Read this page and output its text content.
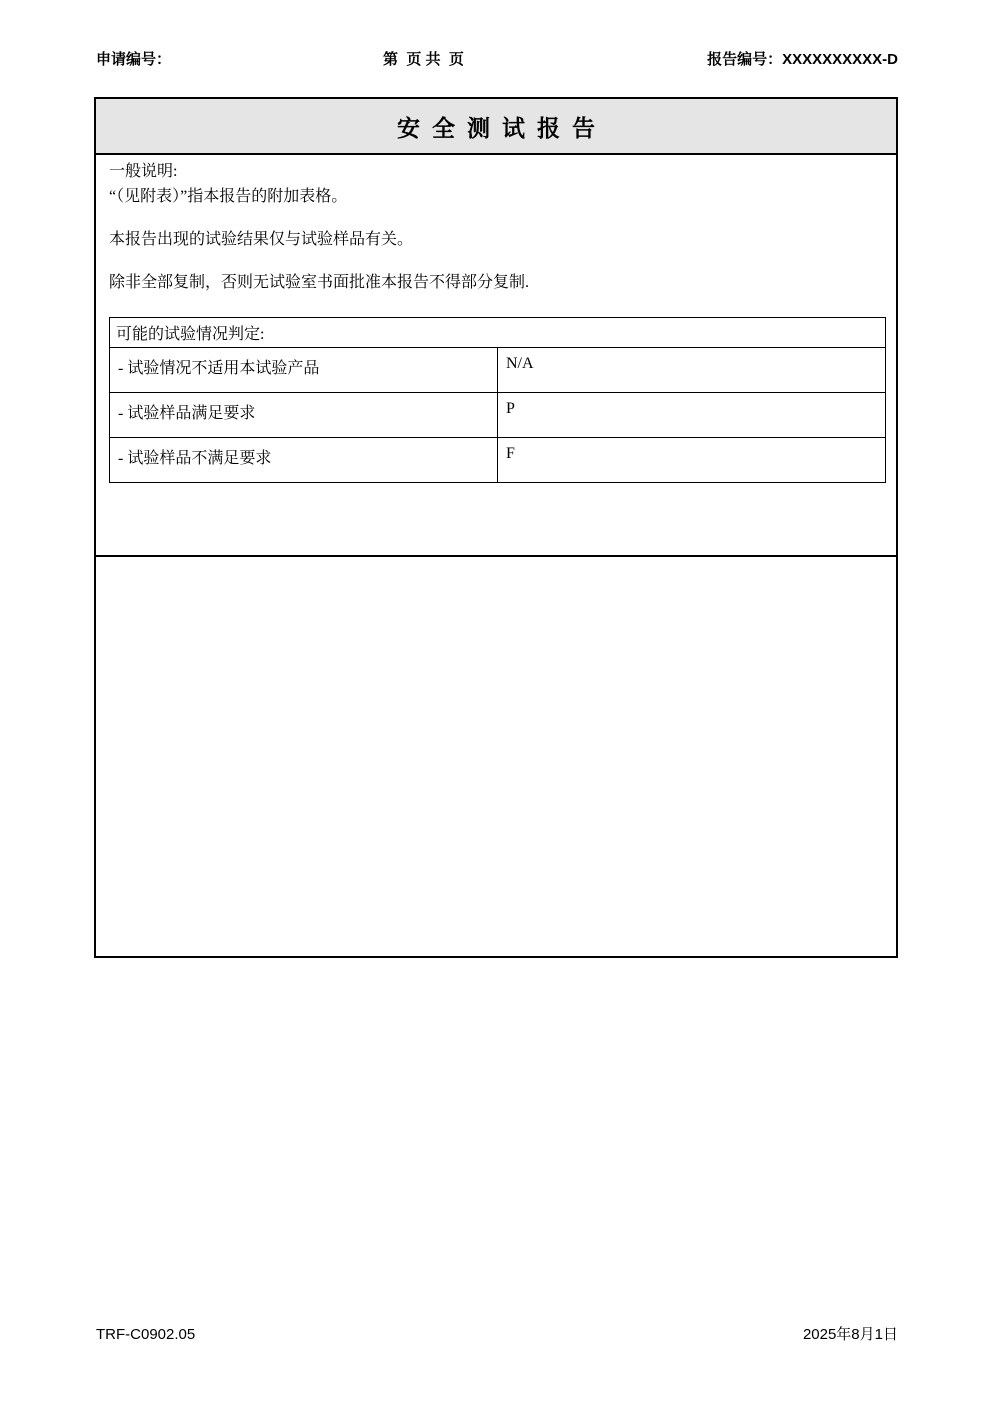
申请编号：	第  页 共  页	报告编号：XXXXXXXXXX-D
安全测试报告
一般说明:
“（见附表）”指本报告的附加表格。
本报告出现的试验结果仅与试验样品有关。
除非全部复制，否则无试验室书面批准本报告不得部分复制.
可能的试验情况判定:	
- 试验情况不适用本试验产品	N/A
- 试验样品满足要求	P
- 试验样品不满足要求	F
TRF-C0902.05	2025年8月1日
